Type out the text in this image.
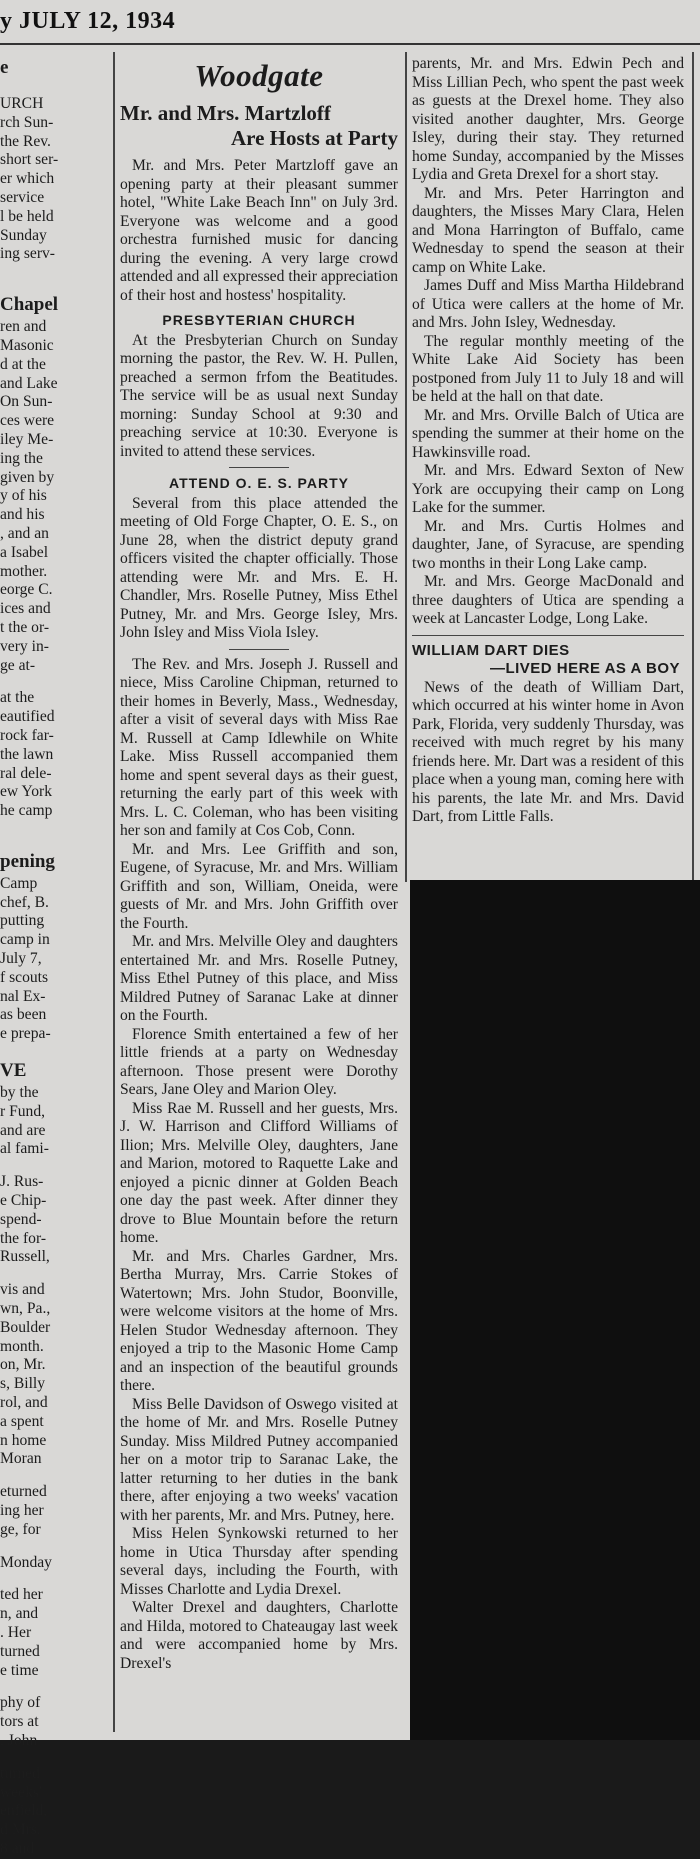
y JULY 12, 1934
e
URCH
rch Sun-
the Rev.
short ser-
er which
service
l be held
Sunday
ing serv-
Chapel
ren and
Masonic
d at the
and Lake
On Sun-
ces were
iley Me-
ing the
given by
y of his
and his
, and an
a Isabel
mother.
eorge C.
ices and
t the or-
very in-
ge at-
at the
eautified
rock far-
the lawn
ral dele-
ew York
he camp
pening
Camp
chef, B.
putting
camp in
July 7,
f scouts
nal Ex-
as been
e prepa-
VE
by the
r Fund,
and are
al fami-
J. Rus-
e Chip-
spend-
the for-
Russell,
vis and
wn, Pa.,
Boulder
month.
on, Mr.
s, Billy
rol, and
a spent
n home
Moran
eturned
ing her
ge, for
Monday
ted her
n, and
. Her
turned
e time
phy of
tors at
. John
turned
weeks'
enfield,
d Mrs.
8 and
Woodgate
Mr. and Mrs. Martzloff
Are Hosts at Party

Mr. and Mrs. Peter Martzloff gave an opening party at their pleasant summer hotel, "White Lake Beach Inn" on July 3rd. Everyone was welcome and a good orchestra furnished music for dancing during the evening. A very large crowd attended and all expressed their appreciation of their host and hostess' hospitality.

PRESBYTERIAN CHURCH

At the Presbyterian Church on Sunday morning the pastor, the Rev. W. H. Pullen, preached a sermon frfom the Beatitudes. The service will be as usual next Sunday morning: Sunday School at 9:30 and preaching service at 10:30. Everyone is invited to attend these services.

ATTEND O. E. S. PARTY

Several from this place attended the meeting of Old Forge Chapter, O. E. S., on June 28, when the district deputy grand officers visited the chapter officially. Those attending were Mr. and Mrs. E. H. Chandler, Mrs. Roselle Putney, Miss Ethel Putney, Mr. and Mrs. George Isley, Mrs. John Isley and Miss Viola Isley.

The Rev. and Mrs. Joseph J. Russell and niece, Miss Caroline Chipman, returned to their homes in Beverly, Mass., Wednesday, after a visit of several days with Miss Rae M. Russell at Camp Idlewhile on White Lake. Miss Russell accompanied them home and spent several days as their guest, returning the early part of this week with Mrs. L. C. Coleman, who has been visiting her son and family at Cos Cob, Conn.

Mr. and Mrs. Lee Griffith and son, Eugene, of Syracuse, Mr. and Mrs. William Griffith and son, William, Oneida, were guests of Mr. and Mrs. John Griffith over the Fourth.

Mr. and Mrs. Melville Oley and daughters entertained Mr. and Mrs. Roselle Putney, Miss Ethel Putney of this place, and Miss Mildred Putney of Saranac Lake at dinner on the Fourth.

Florence Smith entertained a few of her little friends at a party on Wednesday afternoon. Those present were Dorothy Sears, Jane Oley and Marion Oley.

Miss Rae M. Russell and her guests, Mrs. J. W. Harrison and Clifford Williams of Ilion; Mrs. Melville Oley, daughters, Jane and Marion, motored to Raquette Lake and enjoyed a picnic dinner at Golden Beach one day the past week. After dinner they drove to Blue Mountain before the return home.

Mr. and Mrs. Charles Gardner, Mrs. Bertha Murray, Mrs. Carrie Stokes of Watertown; Mrs. John Studor, Boonville, were welcome visitors at the home of Mrs. Helen Studor Wednesday afternoon. They enjoyed a trip to the Masonic Home Camp and an inspection of the beautiful grounds there.

Miss Belle Davidson of Oswego visited at the home of Mr. and Mrs. Roselle Putney Sunday. Miss Mildred Putney accompanied her on a motor trip to Saranac Lake, the latter returning to her duties in the bank there, after enjoying a two weeks' vacation with her parents, Mr. and Mrs. Putney, here.

Miss Helen Synkowski returned to her home in Utica Thursday after spending several days, including the Fourth, with Misses Charlotte and Lydia Drexel.

Walter Drexel and daughters, Charlotte and Hilda, motored to Chateaugay last week and were accompanied home by Mrs. Drexel's

parents, Mr. and Mrs. Edwin Pech and Miss Lillian Pech, who spent the past week as guests at the Drexel home. They also visited another daughter, Mrs. George Isley, during their stay. They returned home Sunday, accompanied by the Misses Lydia and Greta Drexel for a short stay.

Mr. and Mrs. Peter Harrington and daughters, the Misses Mary Clara, Helen and Mona Harrington of Buffalo, came Wednesday to spend the season at their camp on White Lake.

James Duff and Miss Martha Hildebrand of Utica were callers at the home of Mr. and Mrs. John Isley, Wednesday.

The regular monthly meeting of the White Lake Aid Society has been postponed from July 11 to July 18 and will be held at the hall on that date.

Mr. and Mrs. Orville Balch of Utica are spending the summer at their home on the Hawkinsville road.

Mr. and Mrs. Edward Sexton of New York are occupying their camp on Long Lake for the summer.

Mr. and Mrs. Curtis Holmes and daughter, Jane, of Syracuse, are spending two months in their Long Lake camp.

Mr. and Mrs. George MacDonald and three daughters of Utica are spending a week at Lancaster Lodge, Long Lake.

WILLIAM DART DIES
—LIVED HERE AS A BOY

News of the death of William Dart, which occurred at his winter home in Avon Park, Florida, very suddenly Thursday, was received with much regret by his many friends here. Mr. Dart was a resident of this place when a young man, coming here with his parents, the late Mr. and Mrs. David Dart, from Little Falls.
